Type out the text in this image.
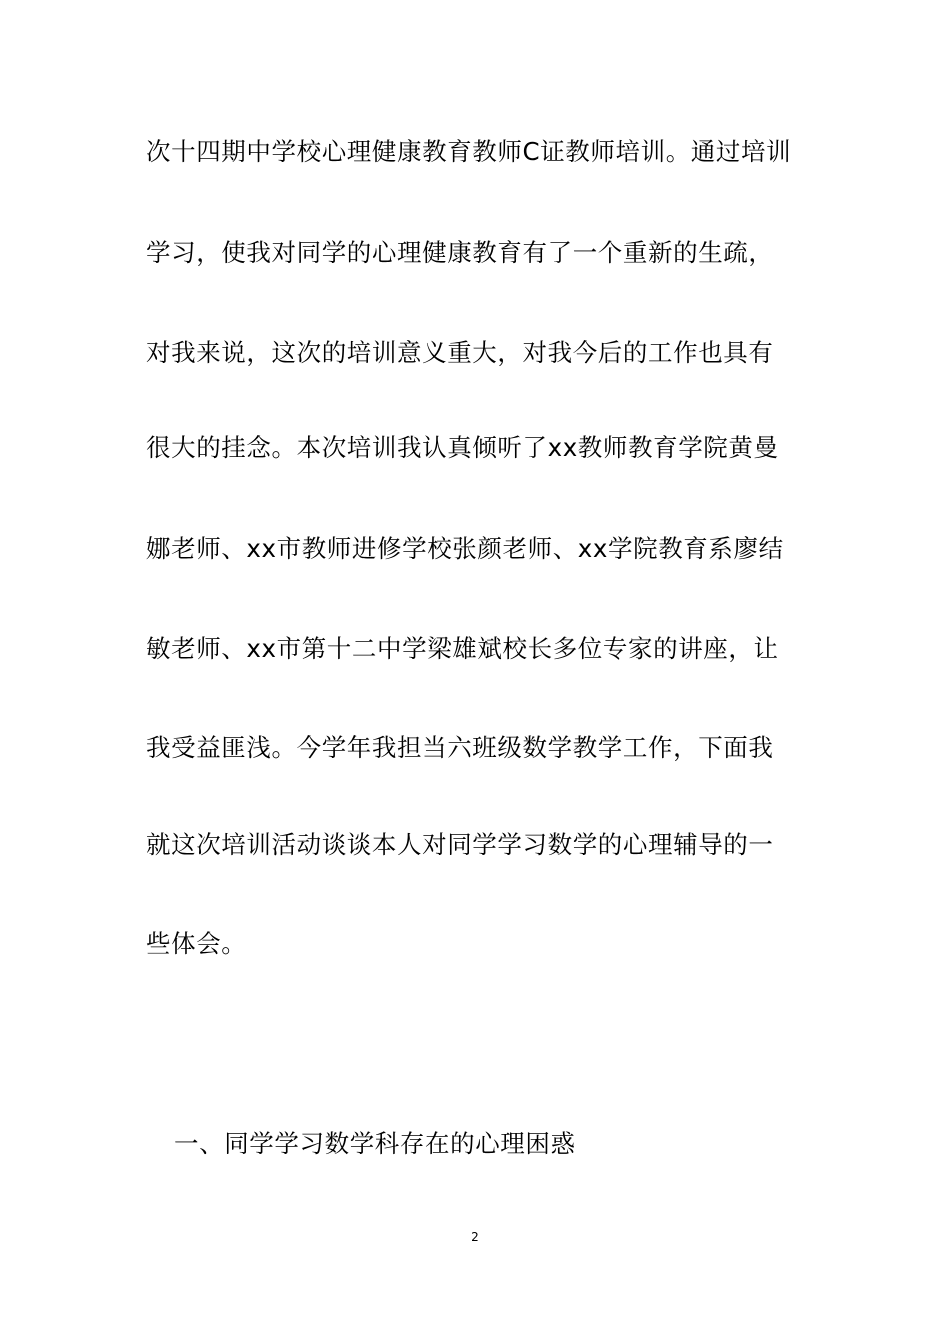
次十四期中学校心理健康教育教师C证教师培训。通过培训
学习，使我对同学的心理健康教育有了一个重新的生疏，
对我来说，这次的培训意义重大，对我今后的工作也具有
很大的挂念。本次培训我认真倾听了xx教师教育学院黄曼
娜老师、xx市教师进修学校张颜老师、xx学院教育系廖结
敏老师、xx市第十二中学梁雄斌校长多位专家的讲座，让
我受益匪浅。今学年我担当六班级数学教学工作，下面我
就这次培训活动谈谈本人对同学学习数学的心理辅导的一
些体会。
一、同学学习数学科存在的心理困惑
2
